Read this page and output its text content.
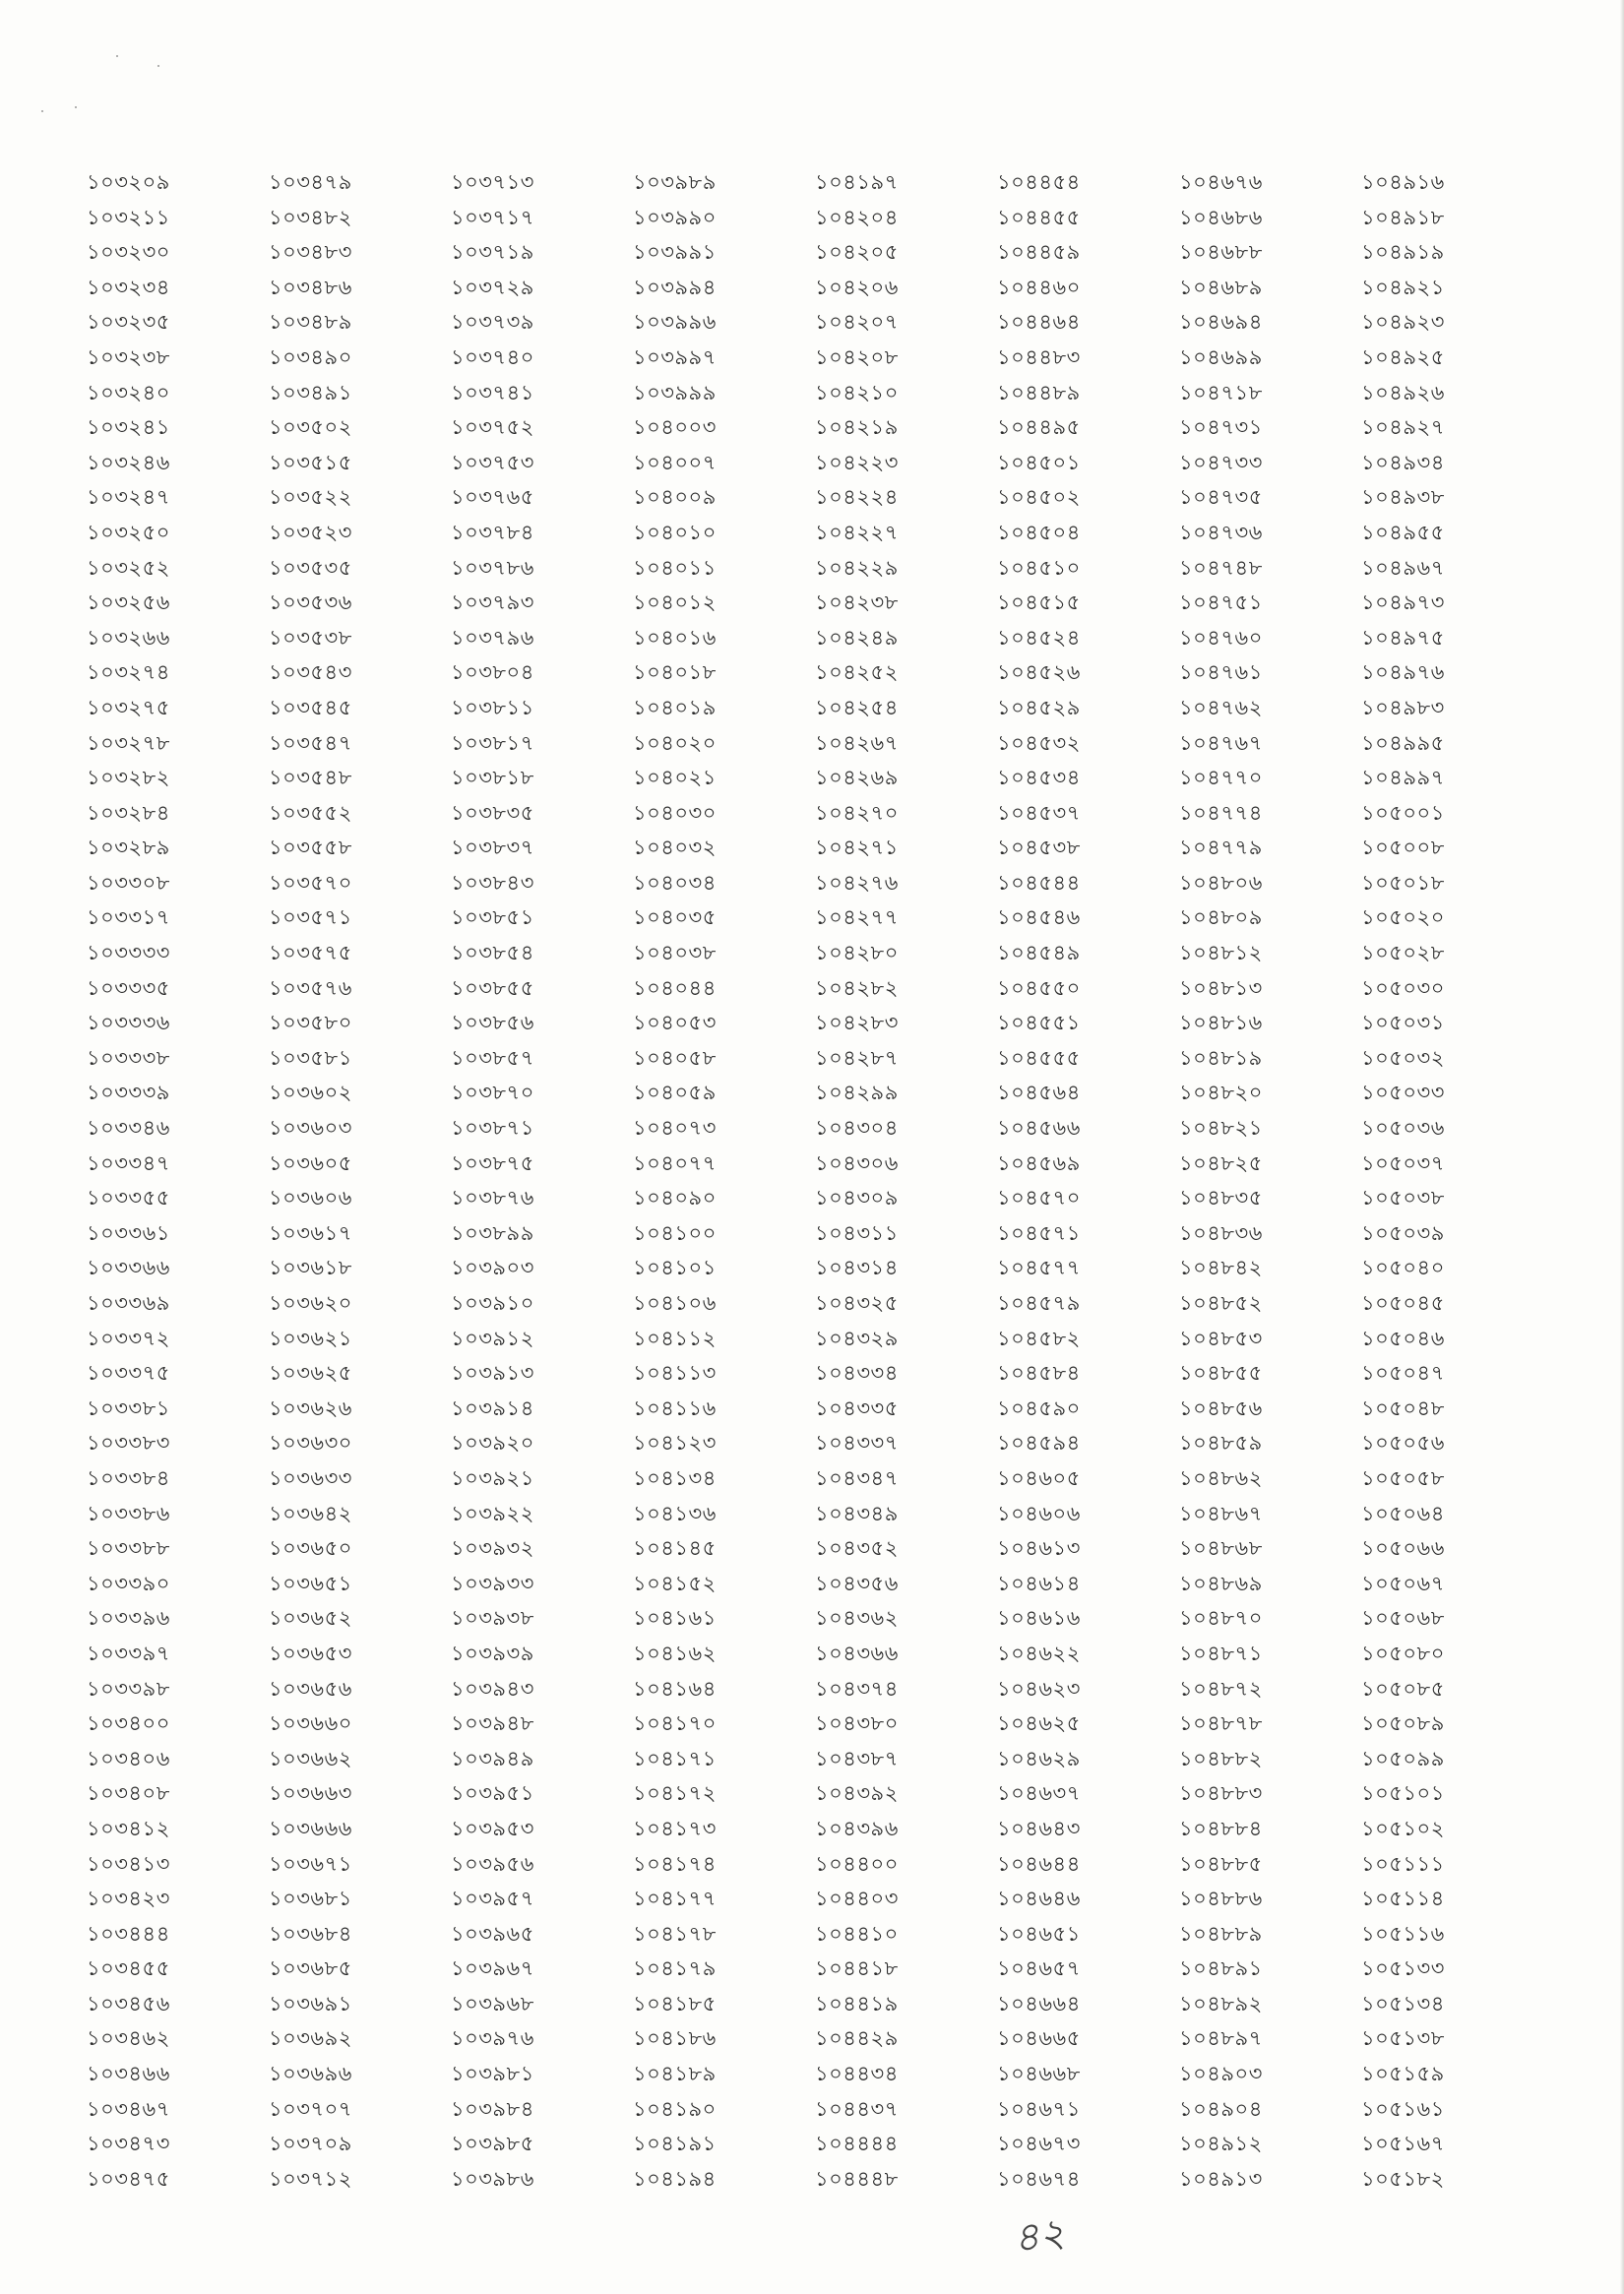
১০৩২০৯
১০৩২১১
১০৩২৩০
১০৩২৩৪
১০৩২৩৫
১০৩২৩৮
১০৩২৪০
১০৩২৪১
১০৩২৪৬
১০৩২৪৭
১০৩২৫০
১০৩২৫২
১০৩২৫৬
১০৩২৬৬
১০৩২৭৪
১০৩২৭৫
১০৩২৭৮
১০৩২৮২
১০৩২৮৪
১০৩২৮৯
১০৩৩০৮
১০৩৩১৭
১০৩৩৩৩
১০৩৩৩৫
১০৩৩৩৬
১০৩৩৩৮
১০৩৩৩৯
১০৩৩৪৬
১০৩৩৪৭
১০৩৩৫৫
১০৩৩৬১
১০৩৩৬৬
১০৩৩৬৯
১০৩৩৭২
১০৩৩৭৫
১০৩৩৮১
১০৩৩৮৩
১০৩৩৮৪
১০৩৩৮৬
১০৩৩৮৮
১০৩৩৯০
১০৩৩৯৬
১০৩৩৯৭
১০৩৩৯৮
১০৩৪০০
১০৩৪০৬
১০৩৪০৮
১০৩৪১২
১০৩৪১৩
১০৩৪২৩
১০৩৪৪৪
১০৩৪৫৫
১০৩৪৫৬
১০৩৪৬২
১০৩৪৬৬
১০৩৪৬৭
১০৩৪৭৩
১০৩৪৭৫
১০৩৪৭৯
১০৩৪৮২
১০৩৪৮৩
১০৩৪৮৬
১০৩৪৮৯
১০৩৪৯০
১০৩৪৯১
১০৩৫০২
১০৩৫১৫
১০৩৫২২
১০৩৫২৩
১০৩৫৩৫
১০৩৫৩৬
১০৩৫৩৮
১০৩৫৪৩
১০৩৫৪৫
১০৩৫৪৭
১০৩৫৪৮
১০৩৫৫২
১০৩৫৫৮
১০৩৫৭০
১০৩৫৭১
১০৩৫৭৫
১০৩৫৭৬
১০৩৫৮০
১০৩৫৮১
১০৩৬০২
১০৩৬০৩
১০৩৬০৫
১০৩৬০৬
১০৩৬১৭
১০৩৬১৮
১০৩৬২০
১০৩৬২১
১০৩৬২৫
১০৩৬২৬
১০৩৬৩০
১০৩৬৩৩
১০৩৬৪২
১০৩৬৫০
১০৩৬৫১
১০৩৬৫২
১০৩৬৫৩
১০৩৬৫৬
১০৩৬৬০
১০৩৬৬২
১০৩৬৬৩
১০৩৬৬৬
১০৩৬৭১
১০৩৬৮১
১০৩৬৮৪
১০৩৬৮৫
১০৩৬৯১
১০৩৬৯২
১০৩৬৯৬
১০৩৭০৭
১০৩৭০৯
১০৩৭১২
১০৩৭১৩
১০৩৭১৭
১০৩৭১৯
১০৩৭২৯
১০৩৭৩৯
১০৩৭৪০
১০৩৭৪১
১০৩৭৫২
১০৩৭৫৩
১০৩৭৬৫
১০৩৭৮৪
১০৩৭৮৬
১০৩৭৯৩
১০৩৭৯৬
১০৩৮০৪
১০৩৮১১
১০৩৮১৭
১০৩৮১৮
১০৩৮৩৫
১০৩৮৩৭
১০৩৮৪৩
১০৩৮৫১
১০৩৮৫৪
১০৩৮৫৫
১০৩৮৫৬
১০৩৮৫৭
১০৩৮৭০
১০৩৮৭১
১০৩৮৭৫
১০৩৮৭৬
১০৩৮৯৯
১০৩৯০৩
১০৩৯১০
১০৩৯১২
১০৩৯১৩
১০৩৯১৪
১০৩৯২০
১০৩৯২১
১০৩৯২২
১০৩৯৩২
১০৩৯৩৩
১০৩৯৩৮
১০৩৯৩৯
১০৩৯৪৩
১০৩৯৪৮
১০৩৯৪৯
১০৩৯৫১
১০৩৯৫৩
১০৩৯৫৬
১০৩৯৫৭
১০৩৯৬৫
১০৩৯৬৭
১০৩৯৬৮
১০৩৯৭৬
১০৩৯৮১
১০৩৯৮৪
১০৩৯৮৫
১০৩৯৮৬
১০৩৯৮৯
১০৩৯৯০
১০৩৯৯১
১০৩৯৯৪
১০৩৯৯৬
১০৩৯৯৭
১০৩৯৯৯
১০৪০০৩
১০৪০০৭
১০৪০০৯
১০৪০১০
১০৪০১১
১০৪০১২
১০৪০১৬
১০৪০১৮
১০৪০১৯
১০৪০২০
১০৪০২১
১০৪০৩০
১০৪০৩২
১০৪০৩৪
১০৪০৩৫
১০৪০৩৮
১০৪০৪৪
১০৪০৫৩
১০৪০৫৮
১০৪০৫৯
১০৪০৭৩
১০৪০৭৭
১০৪০৯০
১০৪১০০
১০৪১০১
১০৪১০৬
১০৪১১২
১০৪১১৩
১০৪১১৬
১০৪১২৩
১০৪১৩৪
১০৪১৩৬
১০৪১৪৫
১০৪১৫২
১০৪১৬১
১০৪১৬২
১০৪১৬৪
১০৪১৭০
১০৪১৭১
১০৪১৭২
১০৪১৭৩
১০৪১৭৪
১০৪১৭৭
১০৪১৭৮
১০৪১৭৯
১০৪১৮৫
১০৪১৮৬
১০৪১৮৯
১০৪১৯০
১০৪১৯১
১০৪১৯৪
১০৪১৯৭
১০৪২০৪
১০৪২০৫
১০৪২০৬
১০৪২০৭
১০৪২০৮
১০৪২১০
১০৪২১৯
১০৪২২৩
১০৪২২৪
১০৪২২৭
১০৪২২৯
১০৪২৩৮
১০৪২৪৯
১০৪২৫২
১০৪২৫৪
১০৪২৬৭
১০৪২৬৯
১০৪২৭০
১০৪২৭১
১০৪২৭৬
১০৪২৭৭
১০৪২৮০
১০৪২৮২
১০৪২৮৩
১০৪২৮৭
১০৪২৯৯
১০৪৩০৪
১০৪৩০৬
১০৪৩০৯
১০৪৩১১
১০৪৩১৪
১০৪৩২৫
১০৪৩২৯
১০৪৩৩৪
১০৪৩৩৫
১০৪৩৩৭
১০৪৩৪৭
১০৪৩৪৯
১০৪৩৫২
১০৪৩৫৬
১০৪৩৬২
১০৪৩৬৬
১০৪৩৭৪
১০৪৩৮০
১০৪৩৮৭
১০৪৩৯২
১০৪৩৯৬
১০৪৪০০
১০৪৪০৩
১০৪৪১০
১০৪৪১৮
১০৪৪১৯
১০৪৪২৯
১০৪৪৩৪
১০৪৪৩৭
১০৪৪৪৪
১০৪৪৪৮
১০৪৪৫৪
১০৪৪৫৫
১০৪৪৫৯
১০৪৪৬০
১০৪৪৬৪
১০৪৪৮৩
১০৪৪৮৯
১০৪৪৯৫
১০৪৫০১
১০৪৫০২
১০৪৫০৪
১০৪৫১০
১০৪৫১৫
১০৪৫২৪
১০৪৫২৬
১০৪৫২৯
১০৪৫৩২
১০৪৫৩৪
১০৪৫৩৭
১০৪৫৩৮
১০৪৫৪৪
১০৪৫৪৬
১০৪৫৪৯
১০৪৫৫০
১০৪৫৫১
১০৪৫৫৫
১০৪৫৬৪
১০৪৫৬৬
১০৪৫৬৯
১০৪৫৭০
১০৪৫৭১
১০৪৫৭৭
১০৪৫৭৯
১০৪৫৮২
১০৪৫৮৪
১০৪৫৯০
১০৪৫৯৪
১০৪৬০৫
১০৪৬০৬
১০৪৬১৩
১০৪৬১৪
১০৪৬১৬
১০৪৬২২
১০৪৬২৩
১০৪৬২৫
১০৪৬২৯
১০৪৬৩৭
১০৪৬৪৩
১০৪৬৪৪
১০৪৬৪৬
১০৪৬৫১
১০৪৬৫৭
১০৪৬৬৪
১০৪৬৬৫
১০৪৬৬৮
১০৪৬৭১
১০৪৬৭৩
১০৪৬৭৪
১০৪৬৭৬
১০৪৬৮৬
১০৪৬৮৮
১০৪৬৮৯
১০৪৬৯৪
১০৪৬৯৯
১০৪৭১৮
১০৪৭৩১
১০৪৭৩৩
১০৪৭৩৫
১০৪৭৩৬
১০৪৭৪৮
১০৪৭৫১
১০৪৭৬০
১০৪৭৬১
১০৪৭৬২
১০৪৭৬৭
১০৪৭৭০
১০৪৭৭৪
১০৪৭৭৯
১০৪৮০৬
১০৪৮০৯
১০৪৮১২
১০৪৮১৩
১০৪৮১৬
১০৪৮১৯
১০৪৮২০
১০৪৮২১
১০৪৮২৫
১০৪৮৩৫
১০৪৮৩৬
১০৪৮৪২
১০৪৮৫২
১০৪৮৫৩
১০৪৮৫৫
১০৪৮৫৬
১০৪৮৫৯
১০৪৮৬২
১০৪৮৬৭
১০৪৮৬৮
১০৪৮৬৯
১০৪৮৭০
১০৪৮৭১
১০৪৮৭২
১০৪৮৭৮
১০৪৮৮২
১০৪৮৮৩
১০৪৮৮৪
১০৪৮৮৫
১০৪৮৮৬
১০৪৮৮৯
১০৪৮৯১
১০৪৮৯২
১০৪৮৯৭
১০৪৯০৩
১০৪৯০৪
১০৪৯১২
১০৪৯১৩
১০৪৯১৬
১০৪৯১৮
১০৪৯১৯
১০৪৯২১
১০৪৯২৩
১০৪৯২৫
১০৪৯২৬
১০৪৯২৭
১০৪৯৩৪
১০৪৯৩৮
১০৪৯৫৫
১০৪৯৬৭
১০৪৯৭৩
১০৪৯৭৫
১০৪৯৭৬
১০৪৯৮৩
১০৪৯৯৫
১০৪৯৯৭
১০৫০০১
১০৫০০৮
১০৫০১৮
১০৫০২০
১০৫০২৮
১০৫০৩০
১০৫০৩১
১০৫০৩২
১০৫০৩৩
১০৫০৩৬
১০৫০৩৭
১০৫০৩৮
১০৫০৩৯
১০৫০৪০
১০৫০৪৫
১০৫০৪৬
১০৫০৪৭
১০৫০৪৮
১০৫০৫৬
১০৫০৫৮
১০৫০৬৪
১০৫০৬৬
১০৫০৬৭
১০৫০৬৮
১০৫০৮০
১০৫০৮৫
১০৫০৮৯
১০৫০৯৯
১০৫১০১
১০৫১০২
১০৫১১১
১০৫১১৪
১০৫১১৬
১০৫১৩৩
১০৫১৩৪
১০৫১৩৮
১০৫১৫৯
১০৫১৬১
১০৫১৬৭
১০৫১৮২
৪২
